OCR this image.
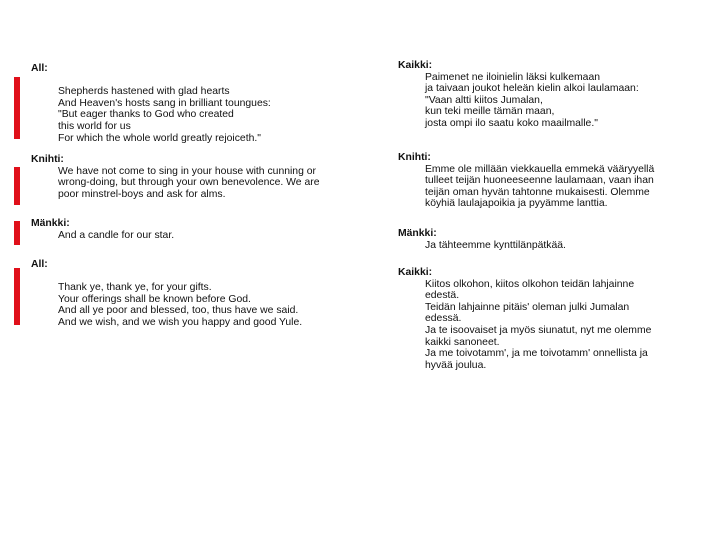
All:
Shepherds hastened with glad hearts
And Heaven's hosts sang in brilliant toungues:
"But eager thanks to God who created
this world for us
For which the whole world greatly rejoiceth."
Knihti:
We have not come to sing in your house with cunning or
wrong-doing, but through your own benevolence. We are
poor minstrel-boys and ask for alms.
Mänkki:
And a candle for our star.
All:
Thank ye, thank ye, for your gifts.
Your offerings shall be known before God.
And all ye poor and blessed, too, thus have we said.
And we wish, and we wish you happy and good Yule.
Kaikki:
Paimenet ne iloinielin läksi kulkemaan
ja taivaan joukot heleän kielin alkoi laulamaan:
"Vaan altti kiitos Jumalan,
kun teki meille tämän maan,
josta ompi ilo saatu koko maailmalle."
Knihti:
Emme ole millään viekkauella emmekä vääryyellä
tulleet teijän huoneeseenne laulamaan, vaan ihan
teijän oman hyvän tahtonne mukaisesti. Olemme
köyhiä laulajapoikia ja pyyämme lanttia.
Mänkki:
Ja tähteemme kynttilänpätkää.
Kaikki:
Kiitos olkohon, kiitos olkohon teidän lahjainne
edestä.
Teidän lahjainne pitäis' oleman julki Jumalan
edessä.
Ja te isoovaiset ja myös siunatut, nyt me olemme
kaikki sanoneet.
Ja me toivotamm', ja me toivotamm' onnellista ja
hyvää joulua.
